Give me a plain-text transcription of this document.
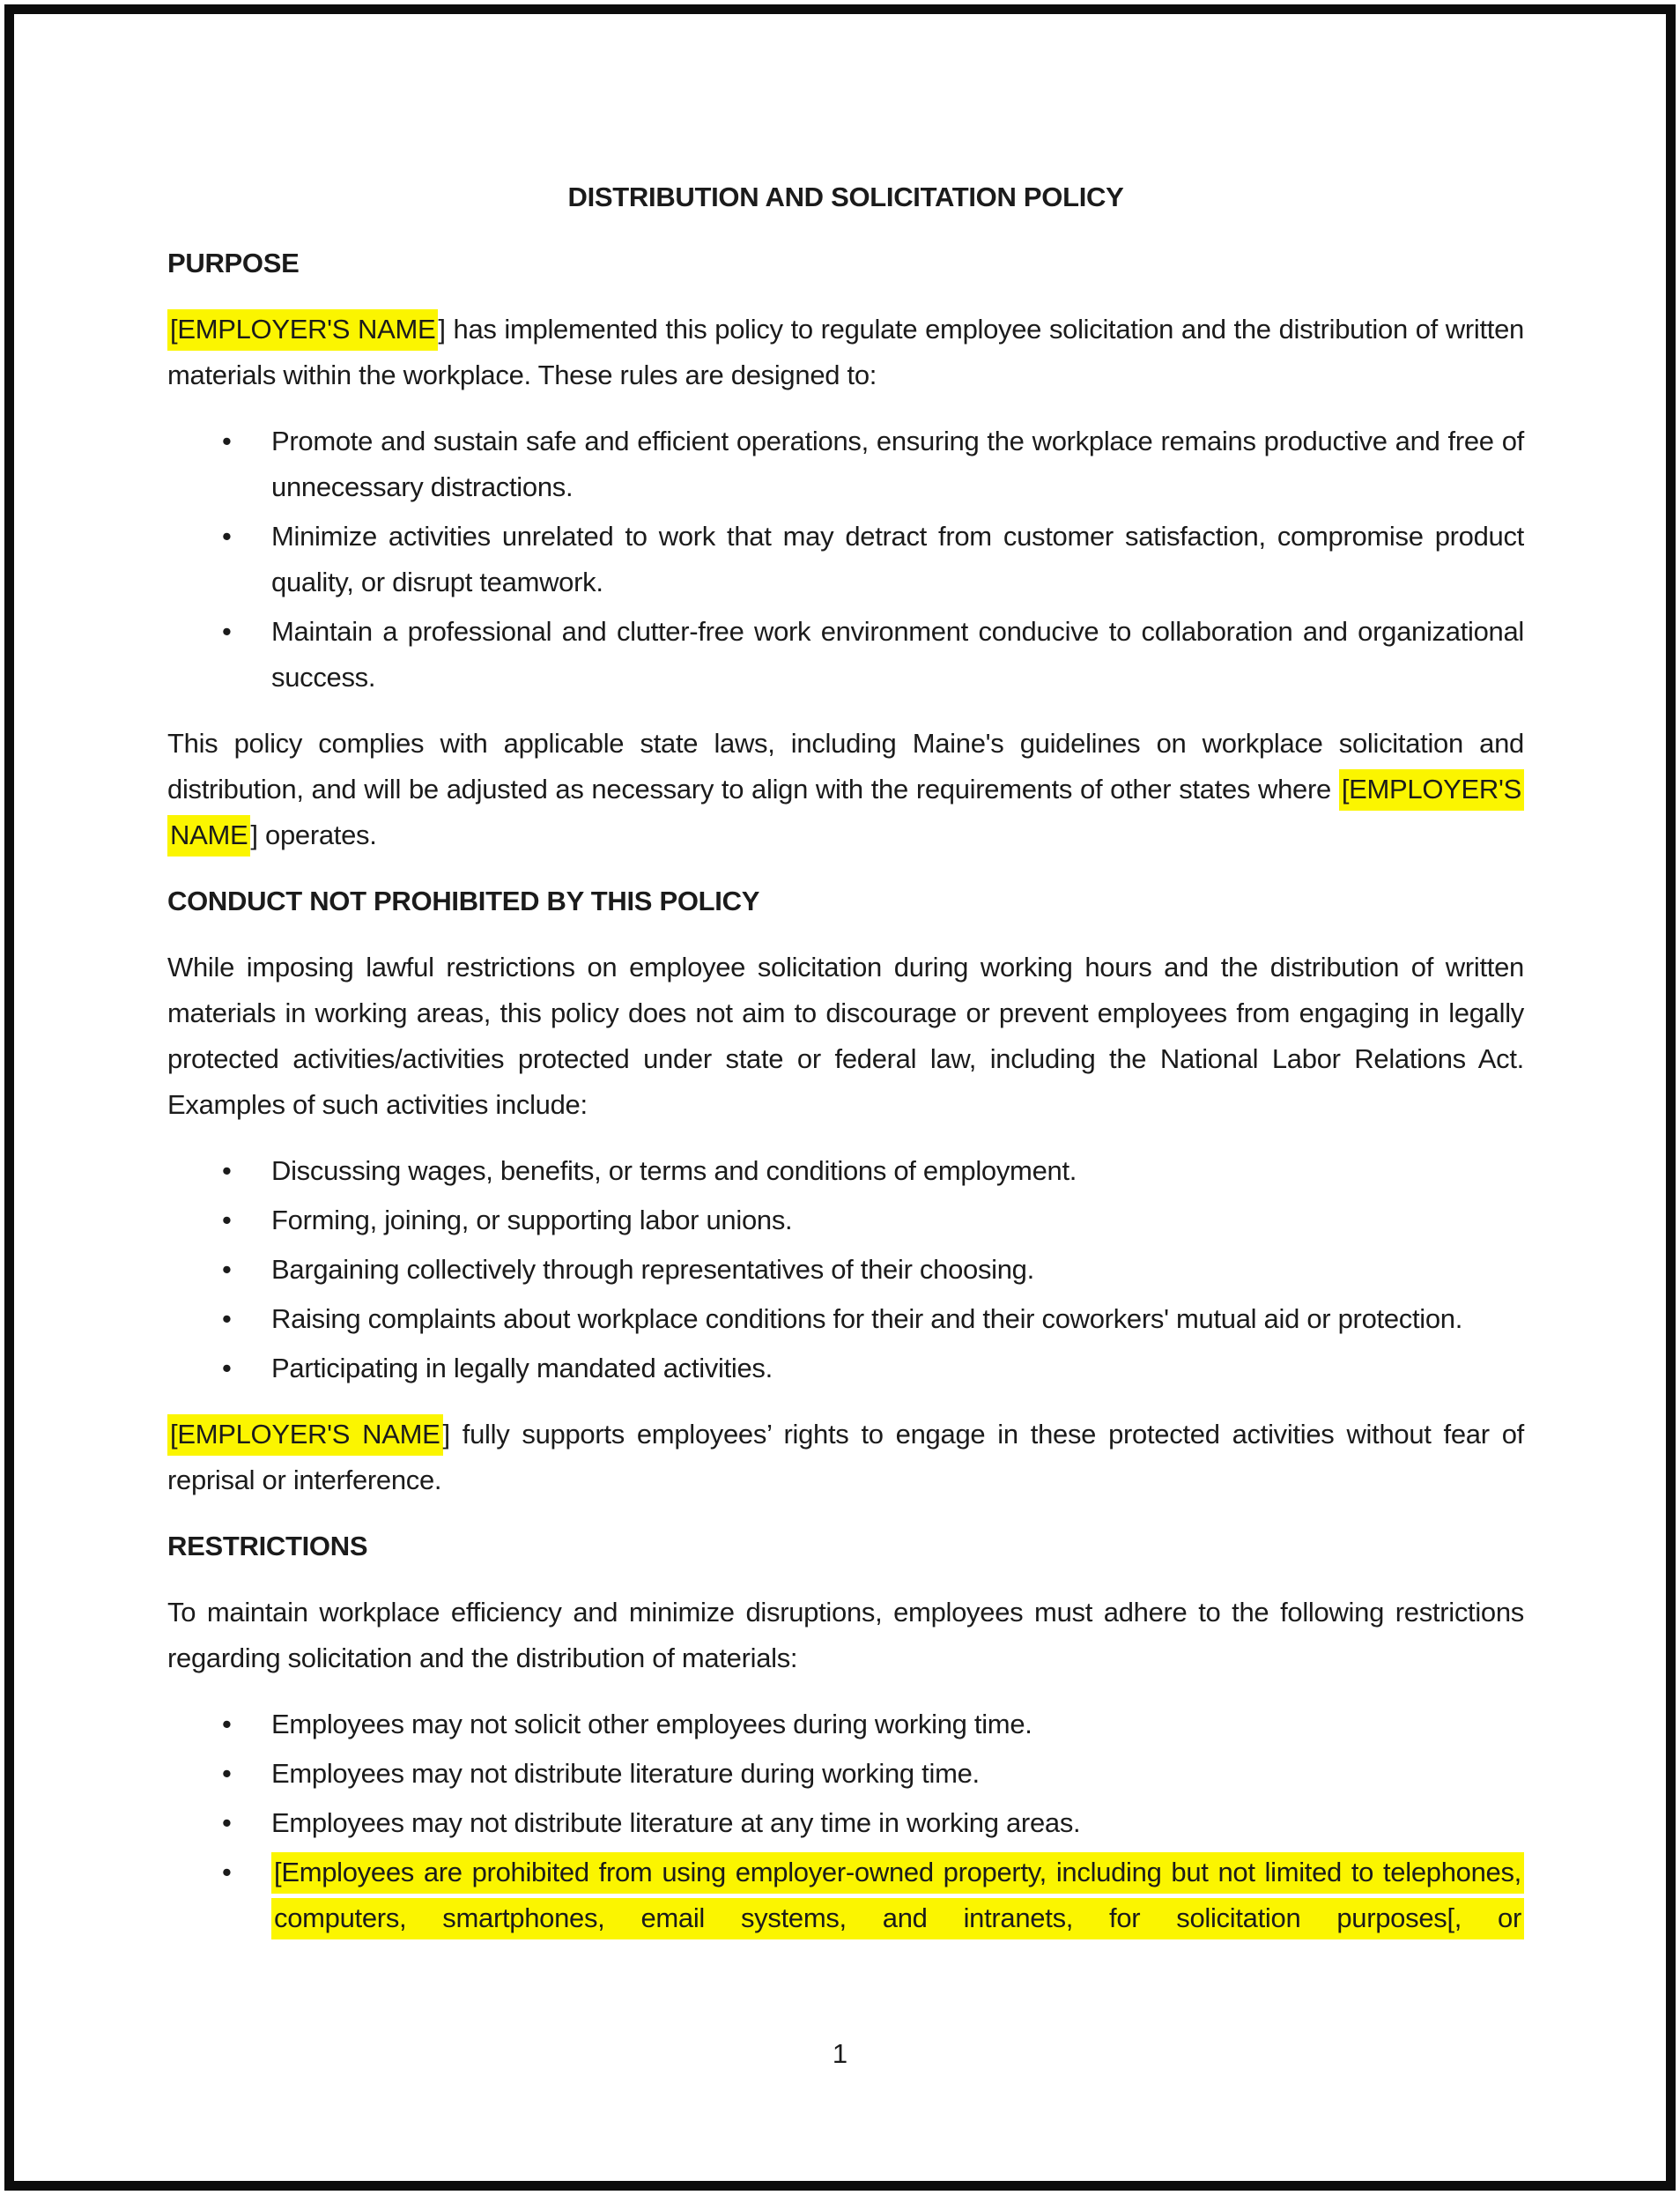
DISTRIBUTION AND SOLICITATION POLICY
PURPOSE
[EMPLOYER'S NAME] has implemented this policy to regulate employee solicitation and the distribution of written materials within the workplace. These rules are designed to:
• Promote and sustain safe and efficient operations, ensuring the workplace remains productive and free of unnecessary distractions.
• Minimize activities unrelated to work that may detract from customer satisfaction, compromise product quality, or disrupt teamwork.
• Maintain a professional and clutter-free work environment conducive to collaboration and organizational success.
This policy complies with applicable state laws, including Maine's guidelines on workplace solicitation and distribution, and will be adjusted as necessary to align with the requirements of other states where [EMPLOYER'S NAME] operates.
CONDUCT NOT PROHIBITED BY THIS POLICY
While imposing lawful restrictions on employee solicitation during working hours and the distribution of written materials in working areas, this policy does not aim to discourage or prevent employees from engaging in legally protected activities/activities protected under state or federal law, including the National Labor Relations Act. Examples of such activities include:
• Discussing wages, benefits, or terms and conditions of employment.
• Forming, joining, or supporting labor unions.
• Bargaining collectively through representatives of their choosing.
• Raising complaints about workplace conditions for their and their coworkers' mutual aid or protection.
• Participating in legally mandated activities.
[EMPLOYER'S NAME] fully supports employees’ rights to engage in these protected activities without fear of reprisal or interference.
RESTRICTIONS
To maintain workplace efficiency and minimize disruptions, employees must adhere to the following restrictions regarding solicitation and the distribution of materials:
• Employees may not solicit other employees during working time.
• Employees may not distribute literature during working time.
• Employees may not distribute literature at any time in working areas.
• [Employees are prohibited from using employer-owned property, including but not limited to telephones, computers, smartphones, email systems, and intranets, for solicitation purposes[, or
1
